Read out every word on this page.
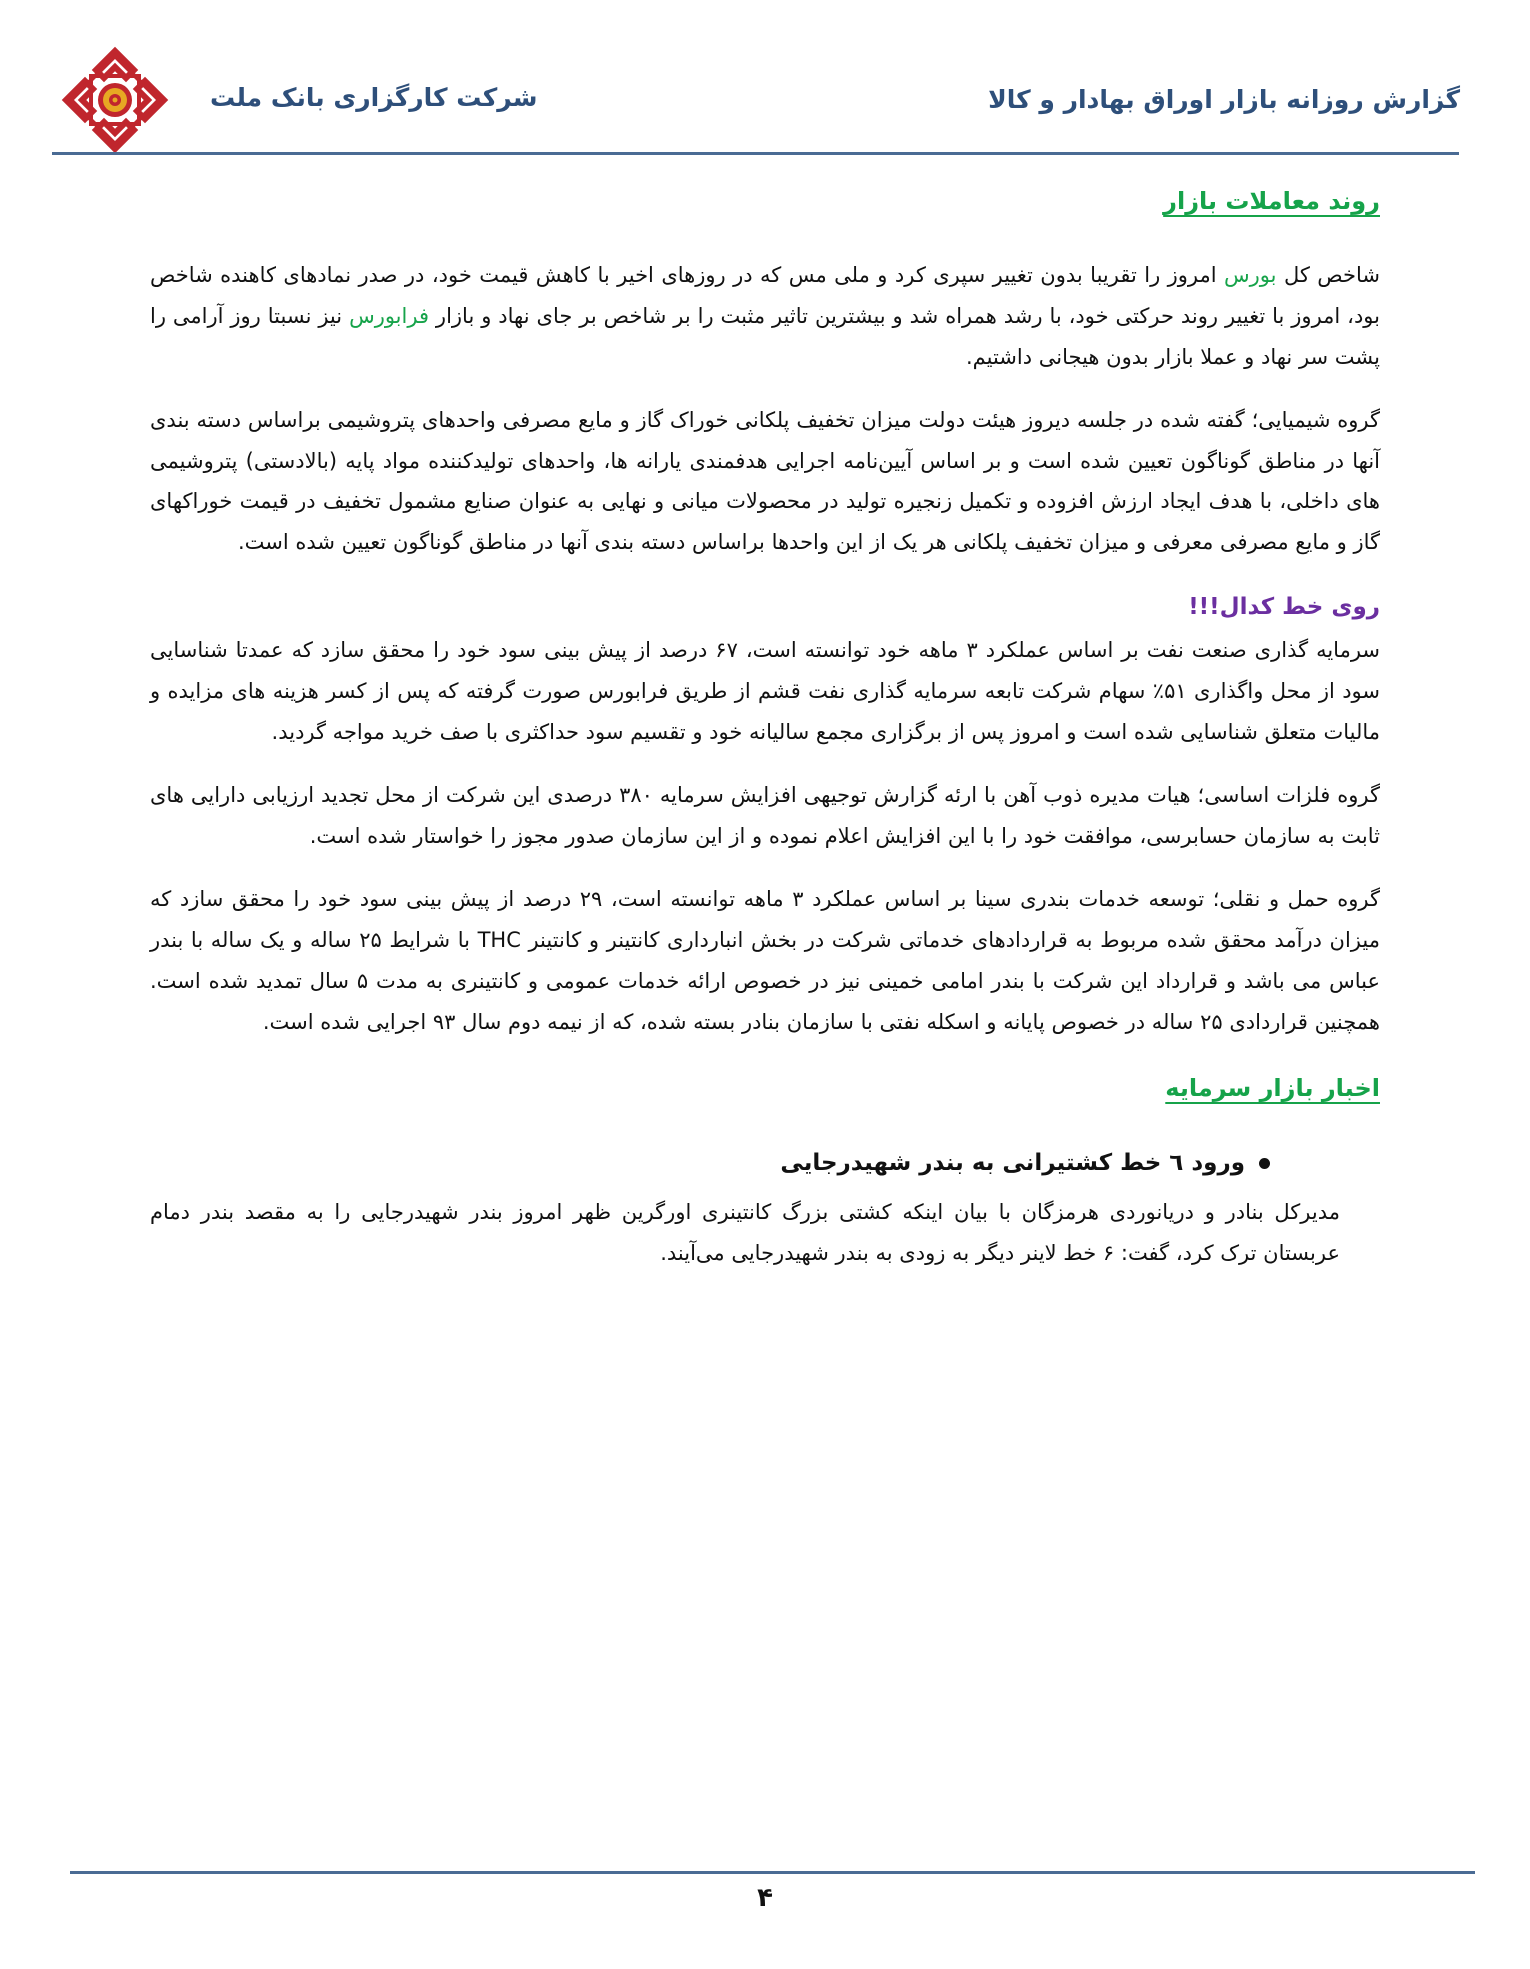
گزارش روزانه بازار اوراق بهادار و کالا
شرکت کارگزاری بانک ملت
روند معاملات بازار

شاخص کل بورس امروز را تقریبا بدون تغییر سپری کرد و ملی مس که در روزهای اخیر با کاهش قیمت خود، در صدر نمادهای کاهنده شاخص بود، امروز با تغییر روند حرکتی خود، با رشد همراه شد و بیشترین تاثیر مثبت را بر شاخص بر جای نهاد و بازار فرابورس نیز نسبتا روز آرامی را پشت سر نهاد و عملا بازار بدون هیجانی داشتیم.

گروه شیمیایی؛ گفته شده در جلسه دیروز هیئت دولت میزان تخفیف پلکانی خوراک گاز و مایع مصرفی واحدهای پتروشیمی براساس دسته بندی آنها در مناطق گوناگون تعیین شده است و بر اساس آیین‌نامه اجرایی هدفمندی یارانه ها، واحدهای تولیدکننده مواد پایه (بالادستی) پتروشیمی های داخلی، با هدف ایجاد ارزش افزوده و تکمیل زنجیره تولید در محصولات میانی و نهایی به عنوان صنایع مشمول تخفیف در قیمت خوراکهای گاز و مایع مصرفی معرفی و میزان تخفیف پلکانی هر یک از این واحدها براساس دسته بندی آنها در مناطق گوناگون تعیین شده است.

روی خط کدال!!!

سرمایه گذاری صنعت نفت بر اساس عملکرد ۳ ماهه خود توانسته است، ۶۷ درصد از پیش بینی سود خود را محقق سازد که عمدتا شناسایی سود از محل واگذاری ۵۱٪ سهام شرکت تابعه سرمایه گذاری نفت قشم از طریق فرابورس صورت گرفته که پس از کسر هزینه های مزایده و مالیات متعلق شناسایی شده است و امروز پس از برگزاری مجمع سالیانه خود و تقسیم سود حداکثری با صف خرید مواجه گردید.

گروه فلزات اساسی؛ هیات مدیره ذوب آهن با ارئه گزارش توجیهی افزایش سرمایه ۳۸۰ درصدی این شرکت از محل تجدید ارزیابی دارایی های ثابت به سازمان حسابرسی، موافقت خود را با این افزایش اعلام نموده و از این سازمان صدور مجوز را خواستار شده است.

گروه حمل و نقلی؛ توسعه خدمات بندری سینا بر اساس عملکرد ۳ ماهه توانسته است، ۲۹ درصد از پیش بینی سود خود را محقق سازد که میزان درآمد محقق شده مربوط به قراردادهای خدماتی شرکت در بخش انبارداری کانتینر و کانتینر THC با شرایط ۲۵ ساله و یک ساله با بندر عباس می باشد و قرارداد این شرکت با بندر امامی خمینی نیز در خصوص ارائه خدمات عمومی و کانتینری به مدت ۵ سال تمدید شده است. همچنین قراردادی ۲۵ ساله در خصوص پایانه و اسکله نفتی با سازمان بنادر بسته شده، که از نیمه دوم سال ۹۳ اجرایی شده است.

اخبار بازار سرمایه
ورود ٦ خط کشتیرانی به بندر شهیدرجایی

مدیرکل بنادر و دریانوردی هرمزگان با بیان اینکه کشتی بزرگ کانتینری اورگرین ظهر امروز بندر شهیدرجایی را به مقصد بندر دمام عربستان ترک کرد، گفت: ۶ خط لاینر دیگر به زودی به بندر شهیدرجایی می‌آیند.

۴
